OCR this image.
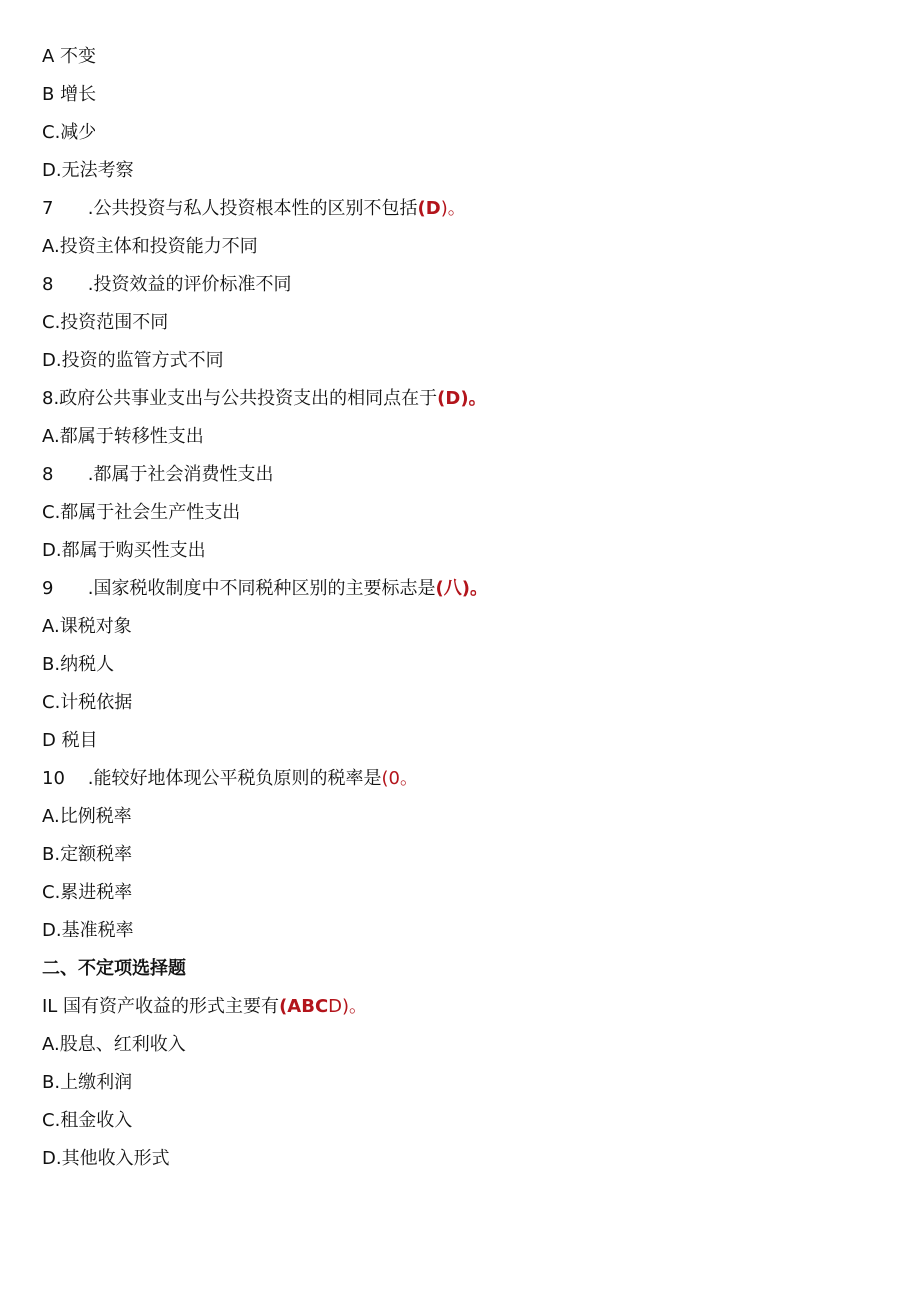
A 不变
B 增长
C.减少
D.无法考察
7	.公共投资与私人投资根本性的区别不包括(D)。
A.投资主体和投资能力不同
8	.投资效益的评价标准不同
C.投资范围不同
D.投资的监管方式不同
8.政府公共事业支出与公共投资支出的相同点在于(D)。
A.都属于转移性支出
8	.都属于社会消费性支出
C.都属于社会生产性支出
D.都属于购买性支出
9	.国家税收制度中不同税种区别的主要标志是(八)。
A.课税对象
B.纳税人
C.计税依据
D 税目
10	.能较好地体现公平税负原则的税率是(0。
A.比例税率
B.定额税率
C.累进税率
D.基准税率
二、不定项选择题
IL 国有资产收益的形式主要有(ABCD)。
A.股息、红利收入
B.上缴利润
C.租金收入
D.其他收入形式
